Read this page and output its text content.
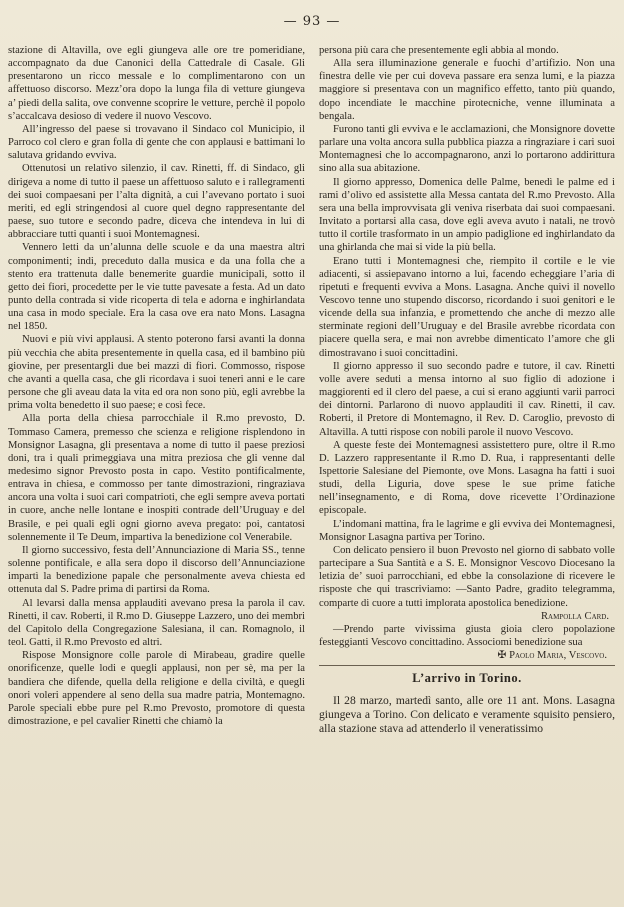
— 93 —

stazione di Altavilla, ove egli giungeva alle ore tre pomeridiane, accompagnato da due Canonici della Cattedrale di Casale. Gli presentarono un ricco messale e lo complimentarono con un affettuoso discorso. Mezz’ora dopo la lunga fila di vetture giungeva a’ piedi della salita, ove convenne scoprire le vetture, perchè il popolo s’accalcava desioso di vedere il nuovo Vescovo.

All’ingresso del paese si trovavano il Sindaco col Municipio, il Parroco col clero e gran folla di gente che con applausi e battimani lo salutava gridando evviva.

Ottenutosi un relativo silenzio, il cav. Rinetti, ff. di Sindaco, gli dirigeva a nome di tutto il paese un affettuoso saluto e i rallegramenti dei suoi compaesani per l’alta dignità, a cui l’avevano portato i suoi meriti, ed egli stringendosi al cuore quel degno rappresentante del paese, suo tutore e secondo padre, diceva che intendeva in lui di abbracciare tutti quanti i suoi Montemagnesi.

Vennero letti da un’alunna delle scuole e da una maestra altri componimenti; indi, preceduto dalla musica e da una folla che a stento era trattenuta dalle benemerite guardie municipali, sotto il getto dei fiori, procedette per le vie tutte pavesate a festa. Ad un dato punto della contrada si vide ricoperta di tela e adorna e inghirlandata una casa in modo speciale. Era la casa ove era nato Mons. Lasagna nel 1850.

Nuovi e più vivi applausi. A stento poterono farsi avanti la donna più vecchia che abita presentemente in quella casa, ed il bambino più giovine, per presentargli due bei mazzi di fiori. Commosso, rispose che avanti a quella casa, che gli ricordava i suoi teneri anni e le care persone che gli aveau data la vita ed ora non sono più, egli avrebbe la prima volta benedetto il suo paese; e così fece.

Alla porta della chiesa parrocchiale il R.mo prevosto, D. Tommaso Camera, premesso che scienza e religione risplendono in Monsignor Lasagna, gli presentava a nome di tutto il paese preziosi doni, tra i quali primeggiava una mitra preziosa che gli venne dal medesimo signor Prevosto posta in capo. Vestito pontificalmente, entrava in chiesa, e commosso per tante dimostrazioni, ringraziava ancora una volta i suoi cari compatrioti, che egli sempre aveva portati in cuore, anche nelle lontane e inospiti contrade dell’Uruguay e del Brasile, e pei quali egli ogni giorno aveva pregato: poi, cantatosi solennemente il Te Deum, impartiva la benedizione col Venerabile.

Il giorno successivo, festa dell’Annunciazione di Maria SS., tenne solenne pontificale, e alla sera dopo il discorso dell’Annunciazione impartì la benedizione papale che personalmente aveva chiesta ed ottenuta dal S. Padre prima di partirsi da Roma.

Al levarsi dalla mensa applauditi avevano presa la parola il cav. Rinetti, il cav. Roberti, il R.mo D. Giuseppe Lazzero, uno dei membri del Capitolo della Congregazione Salesiana, il can. Romagnolo, il teol. Gatti, il R.mo Prevosto ed altri.

Rispose Monsignore colle parole di Mirabeau, gradire quelle onorificenze, quelle lodi e quegli applausi, non per sè, ma per la bandiera che difende, quella della religione e della civiltà, e quegli onori voleri appendere al seno della sua madre patria, Montemagno. Parole speciali ebbe pure pel R.mo Prevosto, promotore di questa dimostrazione, e pel cavalier Rinetti che chiamò la

persona più cara che presentemente egli abbia al mondo.

Alla sera illuminazione generale e fuochi d’artifizio. Non una finestra delle vie per cui doveva passare era senza lumi, e la piazza maggiore si presentava con un magnifico effetto, tanto più quando, dopo incendiate le macchine pirotecniche, venne illuminata a bengala.

Furono tanti gli evviva e le acclamazioni, che Monsignore dovette parlare una volta ancora sulla pubblica piazza a ringraziare i cari suoi Montemagnesi che lo accompagnarono, anzi lo portarono addirittura sino alla sua abitazione.

Il giorno appresso, Domenica delle Palme, benedì le palme ed i rami d’olivo ed assistette alla Messa cantata del R.mo Prevosto. Alla sera una bella improvvisata gli veniva riserbata dai suoi compaesani. Invitato a portarsi alla casa, dove egli aveva avuto i natali, ne trovò tutto il cortile trasformato in un ampio padiglione ed inghirlandato da una ghirlanda che mai si vide la più bella.

Erano tutti i Montemagnesi che, riempito il cortile e le vie adiacenti, si assiepavano intorno a lui, facendo echeggiare l’aria di ripetuti e frequenti evviva a Mons. Lasagna. Anche quivi il novello Vescovo tenne uno stupendo discorso, ricordando i suoi genitori e le vicende della sua infanzia, e promettendo che anche di mezzo alle sterminate regioni dell’Uruguay e del Brasile avrebbe ricordata con piacere quella sera, e mai non avrebbe dimenticato l’amore che gli dimostravano i suoi concittadini.

Il giorno appresso il suo secondo padre e tutore, il cav. Rinetti volle avere seduti a mensa intorno al suo figlio di adozione i maggiorenti ed il clero del paese, a cui si erano aggiunti varii parroci dei dintorni. Parlarono di nuovo applauditi il cav. Rinetti, il cav. Roberti, il Pretore di Montemagno, il Rev. D. Caroglio, prevosto di Altavilla. A tutti rispose con nobili parole il nuovo Vescovo.

A queste feste dei Montemagnesi assistettero pure, oltre il R.mo D. Lazzero rappresentante il R.mo D. Rua, i rappresentanti delle Ispettorie Salesiane del Piemonte, ove Mons. Lasagna ha fatti i suoi studi, della Liguria, dove spese le sue prime fatiche nell’insegnamento, e di Roma, dove ricevette l’Ordinazione episcopale.

L’indomani mattina, fra le lagrime e gli evviva dei Montemagnesi, Monsignor Lasagna partiva per Torino.

Con delicato pensiero il buon Prevosto nel giorno di sabbato volle partecipare a Sua Santità e a S. E. Monsignor Vescovo Diocesano la letizia de’ suoi parrocchiani, ed ebbe la consolazione di ricevere le risposte che qui trascriviamo: —Santo Padre, gradito telegramma, comparte di cuore a tutti implorata apostolica benedizione.

Rampolla Card.

—Prendo parte vivissima giusta gioia clero popolazione festeggianti Vescovo concittadino. Associomi benedizione sua

✠ Paolo Maria, Vescovo.
L’arrivo in Torino.

Il 28 marzo, martedì santo, alle ore 11 ant. Mons. Lasagna giungeva a Torino. Con delicato e veramente squisito pensiero, alla stazione stava ad attenderlo il veneratissimo
